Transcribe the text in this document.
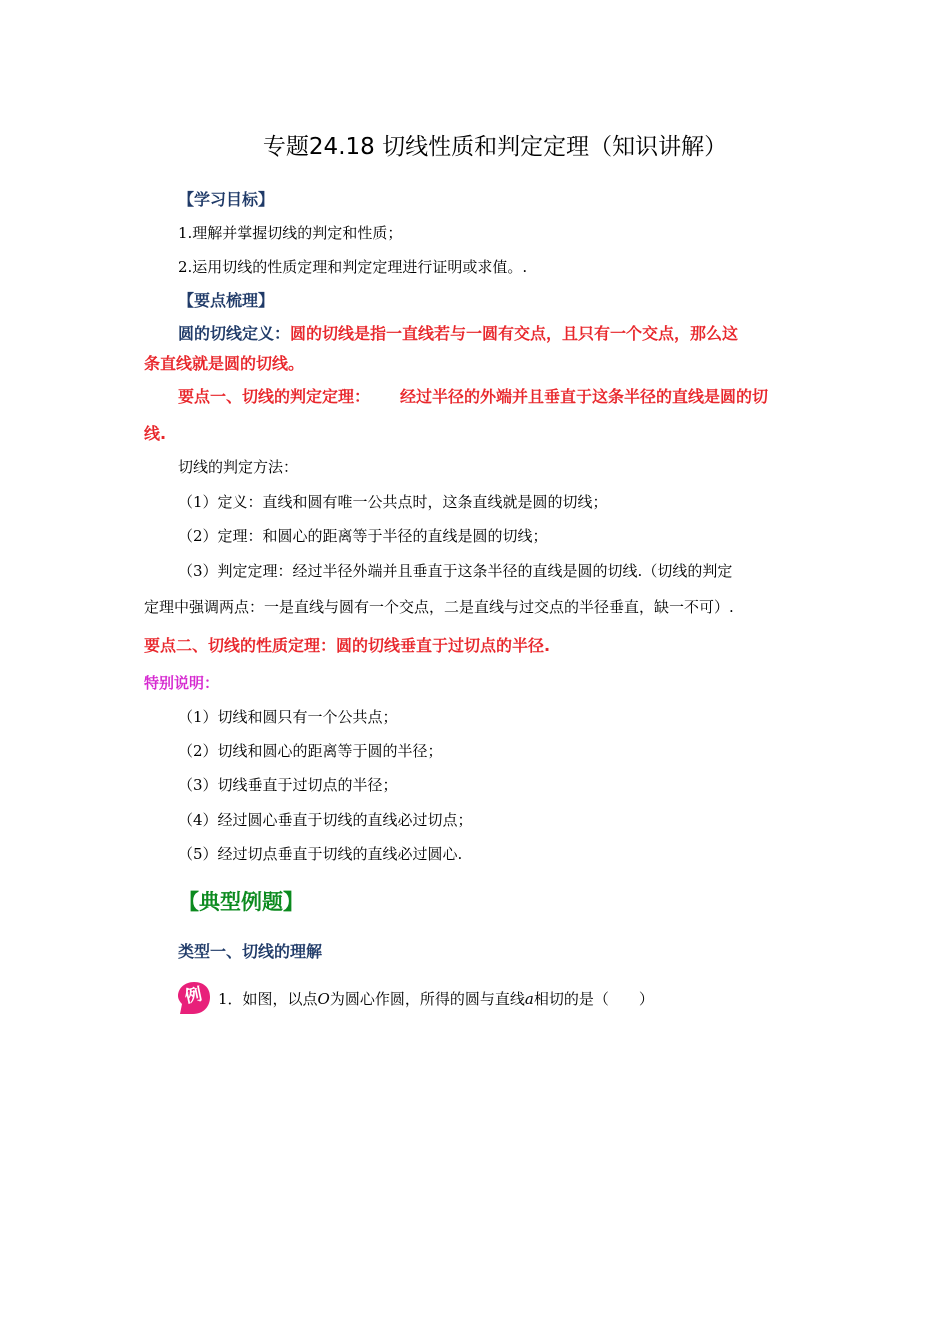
专题24.18 切线性质和判定定理（知识讲解）
【学习目标】
1.理解并掌握切线的判定和性质；
2.运用切线的性质定理和判定定理进行证明或求值。.
【要点梳理】
圆的切线定义：圆的切线是指一直线若与一圆有交点，且只有一个交点，那么这
条直线就是圆的切线。
要点一、切线的判定定理： 经过半径的外端并且垂直于这条半径的直线是圆的切
线.
切线的判定方法：
（1）定义：直线和圆有唯一公共点时，这条直线就是圆的切线；
（2）定理：和圆心的距离等于半径的直线是圆的切线；
（3）判定定理：经过半径外端并且垂直于这条半径的直线是圆的切线.（切线的判定
定理中强调两点：一是直线与圆有一个交点，二是直线与过交点的半径垂直，缺一不可）.
要点二、切线的性质定理：圆的切线垂直于过切点的半径.
特别说明：
（1）切线和圆只有一个公共点；
（2）切线和圆心的距离等于圆的半径；
（3）切线垂直于过切点的半径；
（4）经过圆心垂直于切线的直线必过切点；
（5）经过切点垂直于切线的直线必过圆心.
【典型例题】
类型一、切线的理解
例 1．如图，以点O为圆心作圆，所得的圆与直线a相切的是（　　）
